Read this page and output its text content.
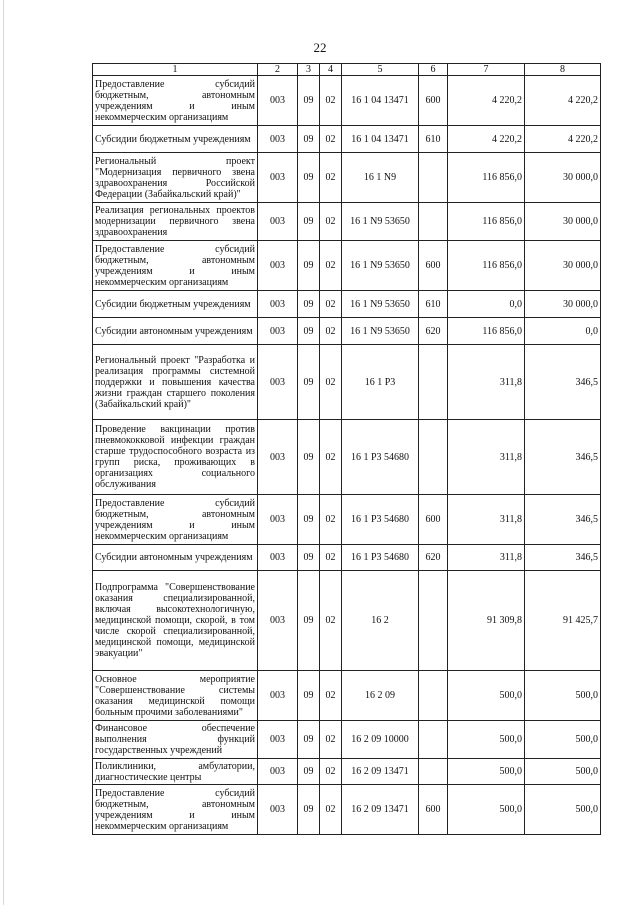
22
1	2	3	4	5	6	7	8
Предоставление субсидий бюджетным, автономным учреждениям и иным некоммерческим организациям	003	09	02	16 1 04 13471	600	4 220,2	4 220,2
Субсидии бюджетным учреждениям	003	09	02	16 1 04 13471	610	4 220,2	4 220,2
Региональный проект "Модернизация первичного звена здравоохранения Российской Федерации (Забайкальский край)"	003	09	02	16 1 N9		116 856,0	30 000,0
Реализация региональных проектов модернизации первичного звена здравоохранения	003	09	02	16 1 N9 53650		116 856,0	30 000,0
Предоставление субсидий бюджетным, автономным учреждениям и иным некоммерческим организациям	003	09	02	16 1 N9 53650	600	116 856,0	30 000,0
Субсидии бюджетным учреждениям	003	09	02	16 1 N9 53650	610	0,0	30 000,0
Субсидии автономным учреждениям	003	09	02	16 1 N9 53650	620	116 856,0	0,0
Региональный проект "Разработка и реализация программы системной поддержки и повышения качества жизни граждан старшего поколения (Забайкальский край)"	003	09	02	16 1 P3		311,8	346,5
Проведение вакцинации против пневмококковой инфекции граждан старше трудоспособного возраста из групп риска, проживающих в организациях социального обслуживания	003	09	02	16 1 P3 54680		311,8	346,5
Предоставление субсидий бюджетным, автономным учреждениям и иным некоммерческим организациям	003	09	02	16 1 P3 54680	600	311,8	346,5
Субсидии автономным учреждениям	003	09	02	16 1 P3 54680	620	311,8	346,5
Подпрограмма "Совершенствование оказания специализированной, включая высокотехнологичную, медицинской помощи, скорой, в том числе скорой специализированной, медицинской помощи, медицинской эвакуации"	003	09	02	16 2		91 309,8	91 425,7
Основное мероприятие "Совершенствование системы оказания медицинской помощи больным прочими заболеваниями"	003	09	02	16 2 09		500,0	500,0
Финансовое обеспечение выполнения функций государственных учреждений	003	09	02	16 2 09 10000		500,0	500,0
Поликлиники, амбулатории, диагностические центры	003	09	02	16 2 09 13471		500,0	500,0
Предоставление субсидий бюджетным, автономным учреждениям и иным некоммерческим организациям	003	09	02	16 2 09 13471	600	500,0	500,0
